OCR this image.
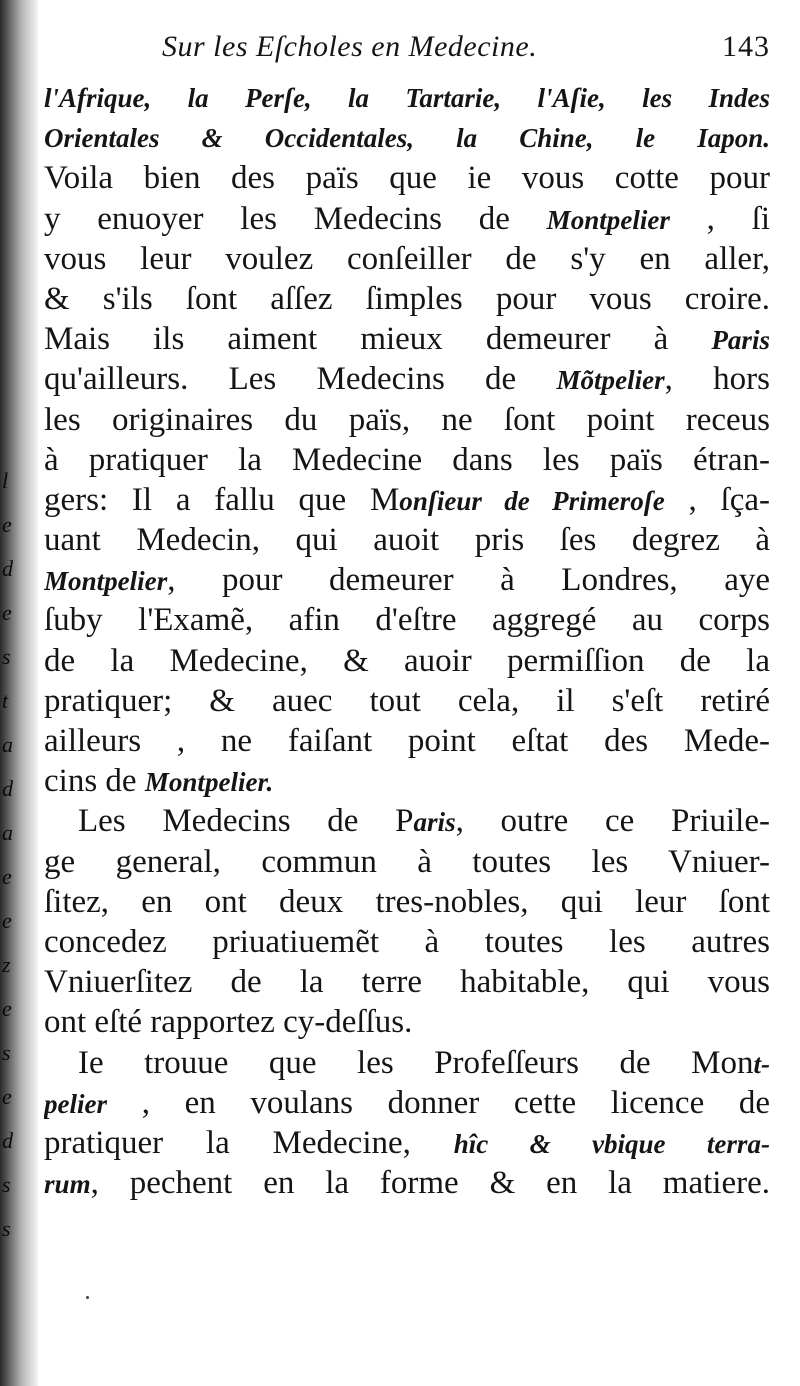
l
e
d
e
s
t
a
d
a
e
e
z
e
s
e
d
s
s
Sur les Eſcholes en Medecine.	143
l'Afrique, la Perſe, la Tartarie, l'Aſie, les Indes
Orientales & Occidentales, la Chine, le Iapon.
Voila bien des païs que ie vous cotte pour
y enuoyer les Medecins de Montpelier , ſi
vous leur voulez conſeiller de s'y en aller,
& s'ils ſont aſſez ſimples pour vous croire.
Mais ils aiment mieux demeurer à Paris
qu'ailleurs. Les Medecins de Mõtpelier, hors
les originaires du païs, ne ſont point receus
à pratiquer la Medecine dans les païs étran-
gers: Il a fallu que Monſieur de Primeroſe , ſça-
uant Medecin, qui auoit pris ſes degrez à
Montpelier, pour demeurer à Londres, aye
ſuby l'Examẽ, afin d'eſtre aggregé au corps
de la Medecine, & auoir permiſſion de la
pratiquer; & auec tout cela, il s'eſt retiré
ailleurs , ne faiſant point eſtat des Mede-
cins de Montpelier.
Les Medecins de Paris, outre ce Priuile-
ge general, commun à toutes les Vniuer-
ſitez, en ont deux tres-nobles, qui leur ſont
concedez priuatiuemẽt à toutes les autres
Vniuerſitez de la terre habitable, qui vous
ont eſté rapportez cy-deſſus.
Ie trouue que les Profeſſeurs de Mont-
pelier , en voulans donner cette licence de
pratiquer la Medecine, hîc & vbique terra-
rum, pechent en la forme & en la matiere.
